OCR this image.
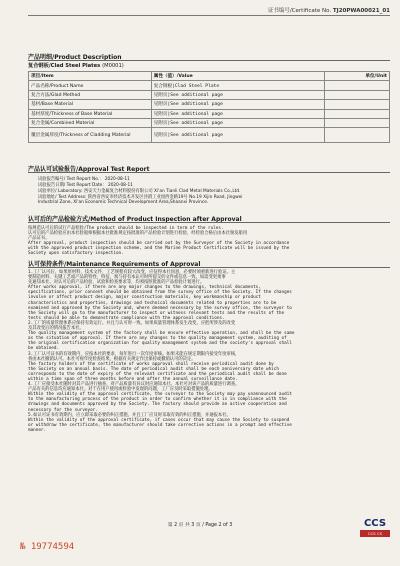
证书编号/Certificate No. TJ20PWA00021_01
产品明细/Product Description
复合钢板/Clad Steel Plates (M0001)
项目/Item	属性（值）/Value	单位/Unit
产品名称/Product Name	复合钢板|Clad Steel Plate	
复合方法/Glad Method	见附页|See additional page	
基材/Base Material	见附页|See additional page	
基材厚度/Thickness of Base Material	见附页|See additional page	
复合金属/Combined Material	见附页|See additional page	
覆层金属厚度/Thickness of Cladding Material	见附页|See additional page	
产品认可试验报告/Approval Test Report
试验报告编号/ Test Report No.： 2020-08-11
试验报告日期/ Test Report Date： 2020-08-11
试验单位/ Laboratory: 西安天力金属复合材料股份有限公司 Xi'an Tianli Clad Metal Materials Co.,Ltd.
试验地址/ Test Address: 陕西省西安市经济技术开发区泾渭工业园西金路19号 No.19 Xijin Road, Jingwei
Industrial Zone, Xi'an Economic Technical Development Area,Shaanxi Province.
认可后的产品检验方式/Method of Product Inspection after Approval
按规范认可后的试行产品检验/The product should be inspected in term of the rules.
认可后的产品检验应由本社验船师根据本社批准规定按批准的产品检验计划进行检验，经检验合格后由本社颁发船用
产品证书。
After approval, product inspection should be carried out by the Surveyor of the Society in accordance
with the approved product inspection scheme, and the Marine Product Certificate will be issued by the
Society upon satisfactory inspection.
认可保持条件/Maintenance Requirements of Approval
1.工厂认可后，如果原材料、技术文件、工艺规程有较大改变，应征得本社同意，必要时须重新进行验证。主
要制造材料、关键工艺或产品的特性、特征，须与持有本认可时所提交的文件或信息一致。如需变更须事
先通知本社。对认可后的产品检验、试验和检查要求等，均须按照批准的产品检验计划进行。
After works approval, if there are any major changes to the drawings, technical documents,
specifications, prior consent should be obtained from the survey office of the Society. If the changes
involve or affect product design, major construction materials, key workmanship or product
characteristics and properties, drawings and technical documents related to properties are to be
examined and approved by the Society and, where deemed necessary by the survey office, the surveyor to
the Society will go to the manufacturer to inspect or witness relevant tests and the results of the
tests should be able to demonstrate compliance with the approval conditions.
2.工厂的质量管理体系应保持有效运行。并且与认可时一致。如果质量管理体系发生改变，应把所涉及的改变
及其改变后的情况报告本社。
The quality management system of the factory shall be ensure effective operation, and shall be the same
as the situation of approval. If there are any changes to the quality management system, auditing of
the original certification organization for quality management system and the society's approval shall
be obtained.
3.工厂认可证书的有效期内，应按本社的要求，每年进行一次年度审核。如果未能在规定期限内接受年度审核，
将由本社撤销认可。本社可视年度检查结果，根据有关规定作出保持或撤销认可的决定。
The factory holders of the certificate of works approval shall receive periodical audit done by
the Society on an annual basis. The date of periodical audit shall be each anniversary date which
corresponds to the date of expiry of the relevant certificate and the periodical audit shall be done
within a time span of three months before and after the annual surveillance date.
4.工厂应接受本社随时对其产品进行抽查，对产品质量有异议时应通知本社。本社可对该产品的质量进行调查。
产品有关的信息均应通知本社。对于在用户使用或检验中发现的问题，工厂应及时采取措施处理。
Within the validity of the approval certificate, the surveyor to the Society may pay unannounced audit
to the manufacturing process of the product in order to confirm whether it is in compliance with the
drawings and documents approved by the Society. The factory should provide an active cooperation and
necessary for the surveyor.
5.如认可证书有效期内，应立即采取必要的纠正措施，并且工厂应及时采取有效的纠正措施，并通报本社。
Within the validity of the approval certificate, if cases occur that may cause the Society to suspend
or withdraw the certificate, the manufacturer should take corrective actions in a prompt and effective
manner.
第 2 页 共 3 页 / Page 2 of 3
№ 19774594
CCS
CCS CS
